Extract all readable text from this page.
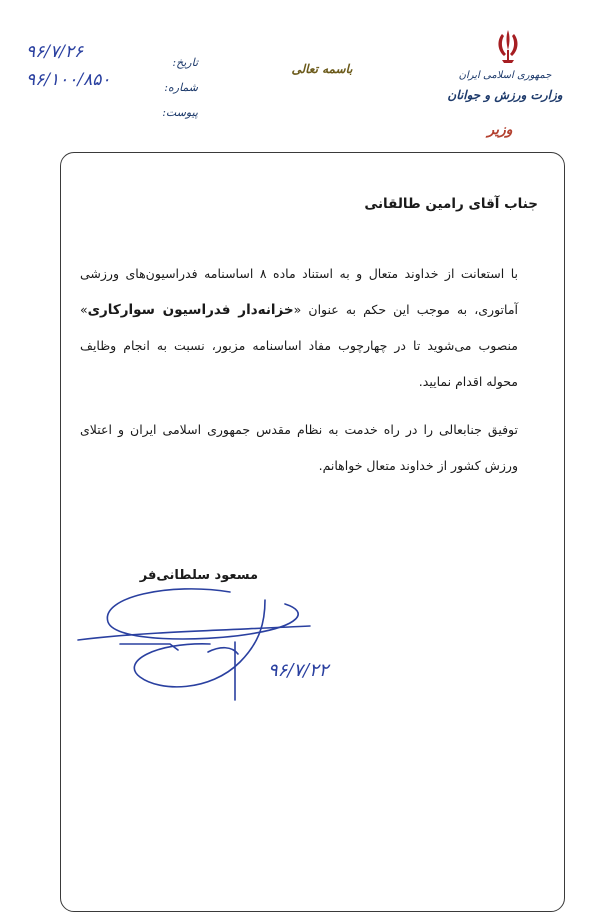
جمهوری اسلامی ایران
وزارت ورزش و جوانان
وزیر
باسمه تعالی
تاریخ:
شماره:
پیوست:
۹۶/۷/۲۶
۹۶/۱۰۰/۸۵۰
جناب آقای رامین طالقانی
با استعانت از خداوند متعال و به استناد ماده ۸ اساسنامه فدراسیون‌های ورزشی آماتوری، به موجب این حکم به عنوان «خزانه‌دار فدراسیون سوارکاری» منصوب می‌شوید تا در چهارچوب مفاد اساسنامه مزبور، نسبت به انجام وظایف محوله اقدام نمایید.
توفیق جنابعالی را در راه خدمت به نظام مقدس جمهوری اسلامی ایران و اعتلای ورزش کشور از خداوند متعال خواهانم.
مسعود سلطانی‌فر
۹۶/۷/۲۲
